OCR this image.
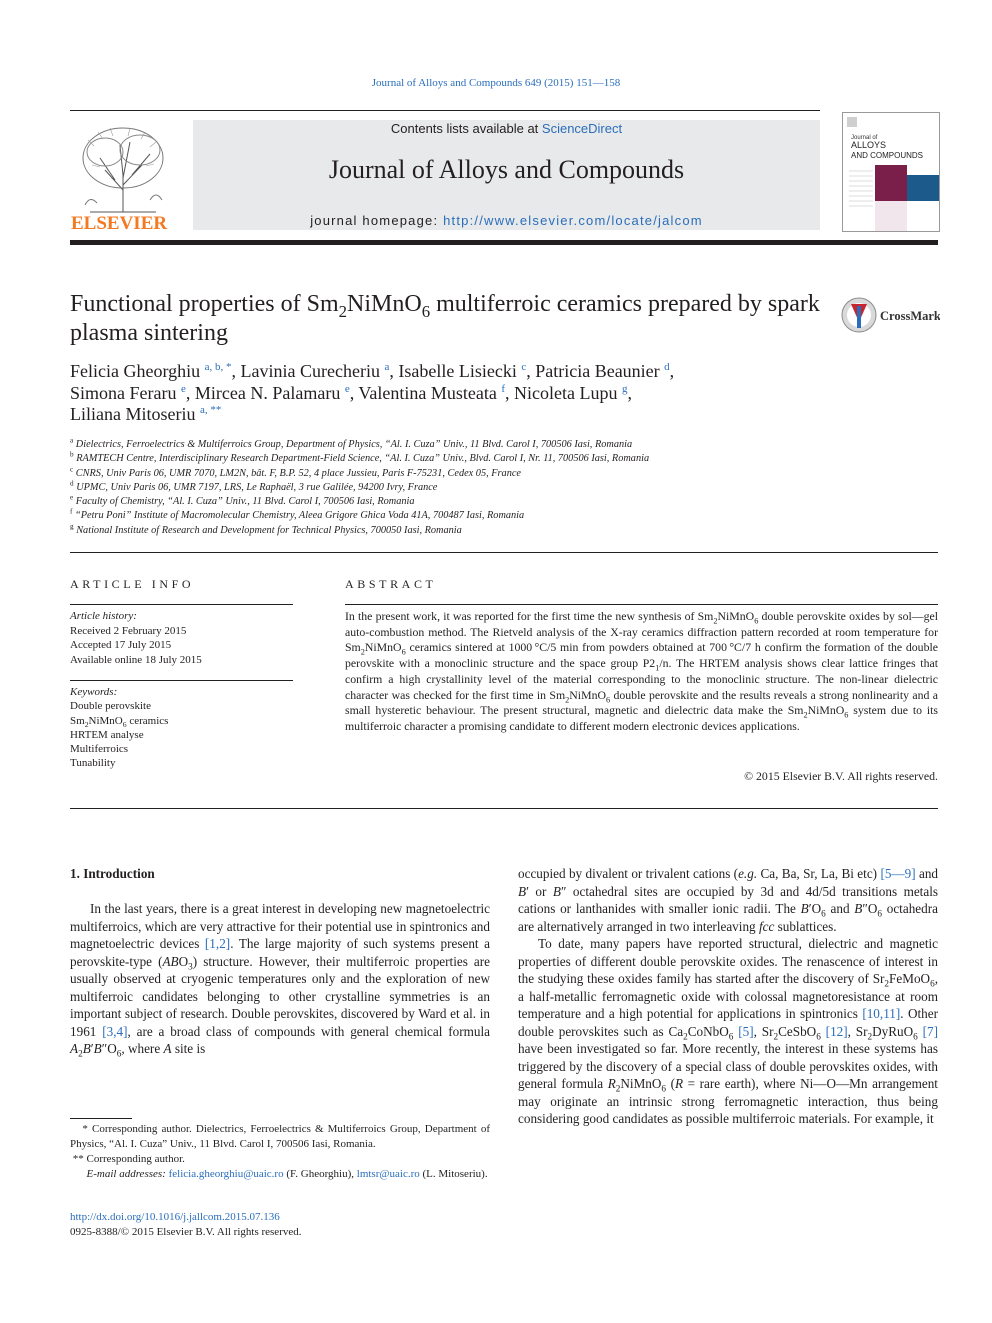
Journal of Alloys and Compounds 649 (2015) 151—158
ELSEVIER
Contents lists available at ScienceDirect
Journal of Alloys and Compounds
journal homepage: http://www.elsevier.com/locate/jalcom
Journal of
ALLOYS
AND COMPOUNDS
Functional properties of $Sm_2NiMnO_6$ multiferroic ceramics prepared by spark plasma sintering
CrossMark
Felicia Gheorghiu $^{a, b, *}$, Lavinia Curecheriu $^a$, Isabelle Lisiecki $^c$, Patricia Beaunier $^d$,
Simona Feraru $^e$, Mircea N. Palamaru $^e$, Valentina Musteata $^f$, Nicoleta Lupu $^g$,
Liliana Mitoseriu $^{a, **}$
$^a$ Dielectrics, Ferroelectrics & Multiferroics Group, Department of Physics, “Al. I. Cuza” Univ., 11 Blvd. Carol I, 700506 Iasi, Romania
$^b$ RAMTECH Centre, Interdisciplinary Research Department-Field Science, “Al. I. Cuza” Univ., Blvd. Carol I, Nr. 11, 700506 Iasi, Romania
$^c$ CNRS, Univ Paris 06, UMR 7070, LM2N, bât. F, B.P. 52, 4 place Jussieu, Paris F-75231, Cedex 05, France
$^d$ UPMC, Univ Paris 06, UMR 7197, LRS, Le Raphaël, 3 rue Galilée, 94200 Ivry, France
$^e$ Faculty of Chemistry, “Al. I. Cuza” Univ., 11 Blvd. Carol I, 700506 Iasi, Romania
$^f$ “Petru Poni” Institute of Macromolecular Chemistry, Aleea Grigore Ghica Voda 41A, 700487 Iasi, Romania
$^g$ National Institute of Research and Development for Technical Physics, 700050 Iasi, Romania
ARTICLE INFO
Article history:
Received 2 February 2015
Accepted 17 July 2015
Available online 18 July 2015
Keywords:
Double perovskite
$Sm_2NiMnO_6$ ceramics
HRTEM analyse
Multiferroics
Tunability
ABSTRACT
In the present work, it was reported for the first time the new synthesis of $Sm_2NiMnO_6$ double perovskite oxides by sol—gel auto-combustion method. The Rietveld analysis of the X-ray ceramics diffraction pattern recorded at room temperature for $Sm_2NiMnO_6$ ceramics sintered at 1000 °C/5 min from powders obtained at 700 °C/7 h confirm the formation of the double perovskite with a monoclinic structure and the space group $P2_1/n$. The HRTEM analysis shows clear lattice fringes that confirm a high crystallinity level of the material corresponding to the monoclinic structure. The non-linear dielectric character was checked for the first time in $Sm_2NiMnO_6$ double perovskite and the results reveals a strong nonlinearity and a small hysteretic behaviour. The present structural, magnetic and dielectric data make the $Sm_2NiMnO_6$ system due to its multiferroic character a promising candidate to different modern electronic devices applications.
© 2015 Elsevier B.V. All rights reserved.
1. Introduction

In the last years, there is a great interest in developing new magnetoelectric multiferroics, which are very attractive for their potential use in spintronics and magnetoelectric devices [1,2]. The large majority of such systems present a perovskite-type $(ABO_3)$ structure. However, their multiferroic properties are usually observed at cryogenic temperatures only and the exploration of new multiferroic candidates belonging to other crystalline symmetries is an important subject of research. Double perovskites, discovered by Ward et al. in 1961 [3,4], are a broad class of compounds with general chemical formula $A_2B'B''O_6$, where A site is

occupied by divalent or trivalent cations (e.g. Ca, Ba, Sr, La, Bi etc) [5—9] and B′ or B″ octahedral sites are occupied by 3d and 4d/5d transitions metals cations or lanthanides with smaller ionic radii. The $B'O_6$ and $B''O_6$ octahedra are alternatively arranged in two interleaving fcc sublattices.

To date, many papers have reported structural, dielectric and magnetic properties of different double perovskite oxides. The renascence of interest in the studying these oxides family has started after the discovery of $Sr_2FeMoO_6$, a half-metallic ferromagnetic oxide with colossal magnetoresistance at room temperature and a high potential for applications in spintronics [10,11]. Other double perovskites such as $Ca_2CoNbO_6$ [5], $Sr_2CeSbO_6$ [12], $Sr_2DyRuO_6$ [7] have been investigated so far. More recently, the interest in these systems has triggered by the discovery of a special class of double perovskites oxides, with general formula $R_2NiMnO_6$ (R = rare earth), where Ni—O—Mn arrangement may originate an intrinsic strong ferromagnetic interaction, thus being considering good candidates as possible multiferroic materials. For example, it

* Corresponding author. Dielectrics, Ferroelectrics & Multiferroics Group, Department of Physics, “Al. I. Cuza” Univ., 11 Blvd. Carol I, 700506 Iasi, Romania.
** Corresponding author.
E-mail addresses: felicia.gheorghiu@uaic.ro (F. Gheorghiu), lmtsr@uaic.ro (L. Mitoseriu).
http://dx.doi.org/10.1016/j.jallcom.2015.07.136
0925-8388/© 2015 Elsevier B.V. All rights reserved.
